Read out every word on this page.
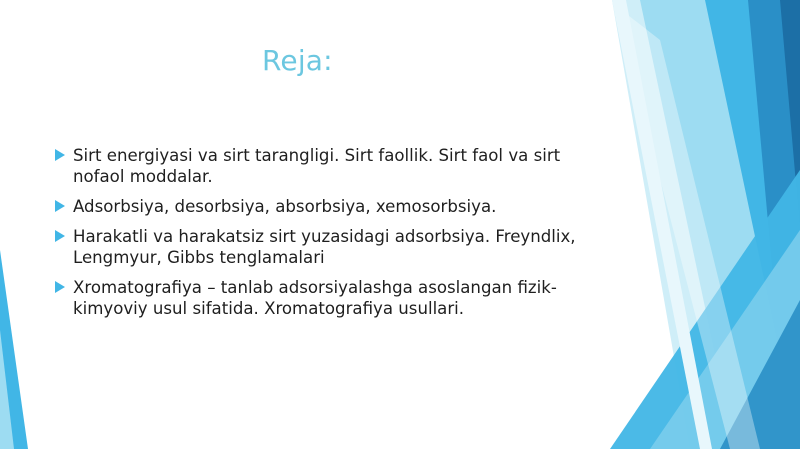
Reja:
Sirt energiyasi va sirt tarangligi. Sirt faollik. Sirt faol va sirt nofaol moddalar.
Adsorbsiya, desorbsiya, absorbsiya, xemosorbsiya.
Harakatli va harakatsiz sirt yuzasidagi adsorbsiya. Freyndlix, Lengmyur, Gibbs tenglamalari
Xromatografiya – tanlab adsorsiyalashga asoslangan fizik-kimyoviy usul sifatida. Xromatografiya usullari.
